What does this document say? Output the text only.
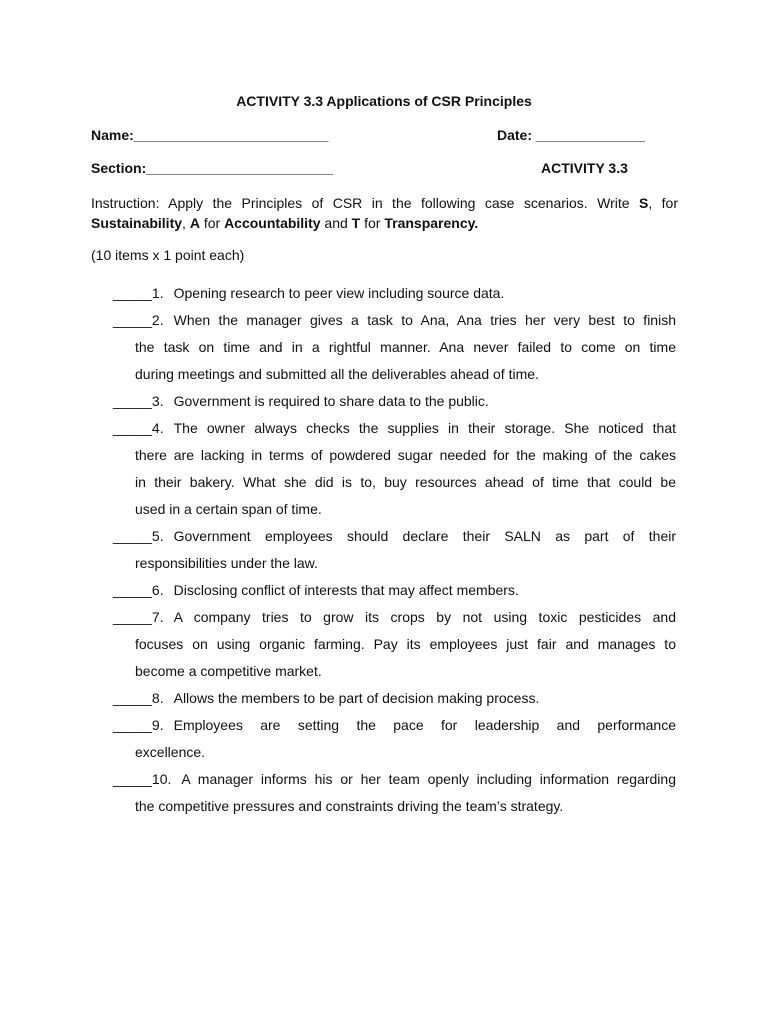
ACTIVITY 3.3 Applications of CSR Principles
Name:_________________________	Date: ______________
Section:________________________	ACTIVITY 3.3
Instruction: Apply the Principles of CSR in the following case scenarios. Write S, for Sustainability, A for Accountability and T for Transparency.
(10 items x 1 point each)
_____1. Opening research to peer view including source data.
_____2. When the manager gives a task to Ana, Ana tries her very best to finish
the task on time and in a rightful manner. Ana never failed to come on time
during meetings and submitted all the deliverables ahead of time.
_____3. Government is required to share data to the public.
_____4. The owner always checks the supplies in their storage. She noticed that
there are lacking in terms of powdered sugar needed for the making of the cakes
in their bakery. What she did is to, buy resources ahead of time that could be
used in a certain span of time.
_____5. Government employees should declare their SALN as part of their
responsibilities under the law.
_____6. Disclosing conflict of interests that may affect members.
_____7. A company tries to grow its crops by not using toxic pesticides and
focuses on using organic farming. Pay its employees just fair and manages to
become a competitive market.
_____8. Allows the members to be part of decision making process.
_____9. Employees are setting the pace for leadership and performance
excellence.
_____10. A manager informs his or her team openly including information regarding
the competitive pressures and constraints driving the team’s strategy.
